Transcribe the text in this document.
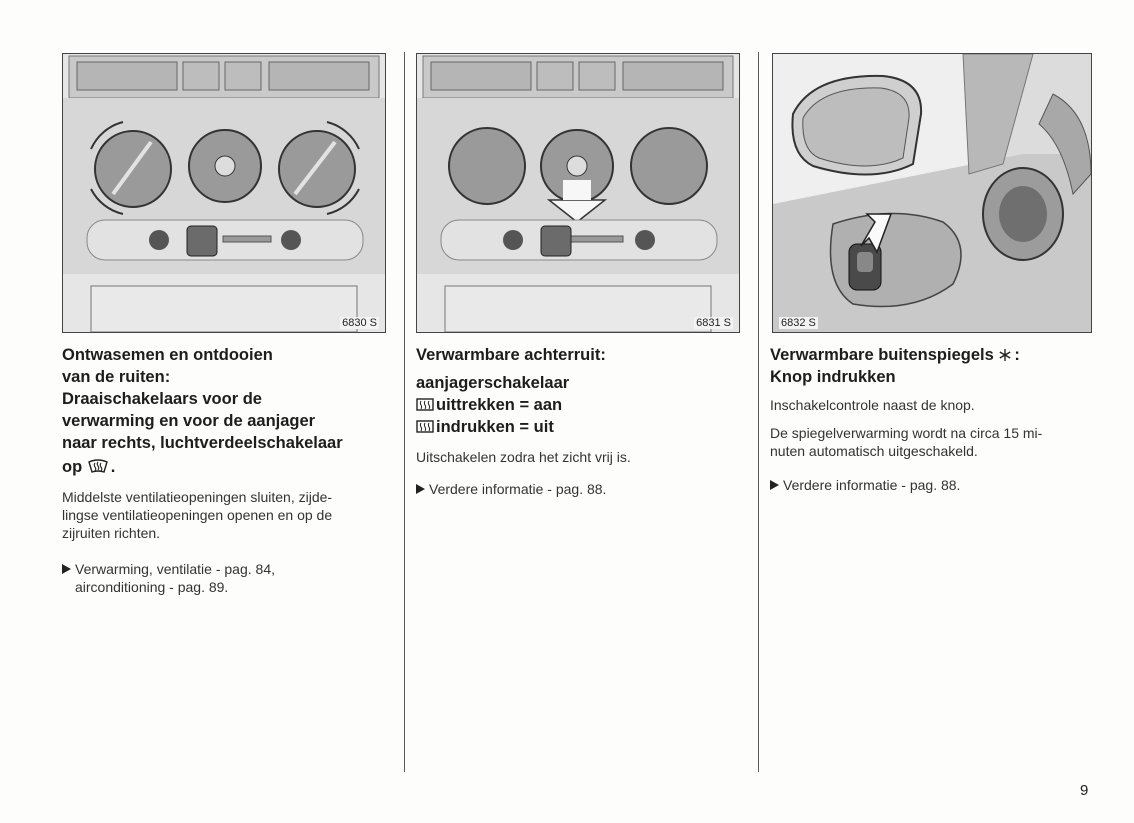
6830 S
Ontwasemen en ontdooien
van de ruiten:
Draaischakelaars voor de
verwarming en voor de aanjager
naar rechts, luchtverdeelschakelaar
op .

Middelste ventilatieopeningen sluiten, zijde-
lingse ventilatieopeningen openen en op de
zijruiten richten.

Verwarming, ventilatie - pag. 84,
airconditioning - pag. 89.

6831 S
Verwarmbare achterruit:
aanjagerschakelaar
uittrekken = aan
indrukken = uit

Uitschakelen zodra het zicht vrij is.

Verdere informatie - pag. 88.

6832 S
Verwarmbare buitenspiegels :
Knop indrukken

Inschakelcontrole naast de knop.

De spiegelverwarming wordt na circa 15 mi-
nuten automatisch uitgeschakeld.

Verdere informatie - pag. 88.

9
